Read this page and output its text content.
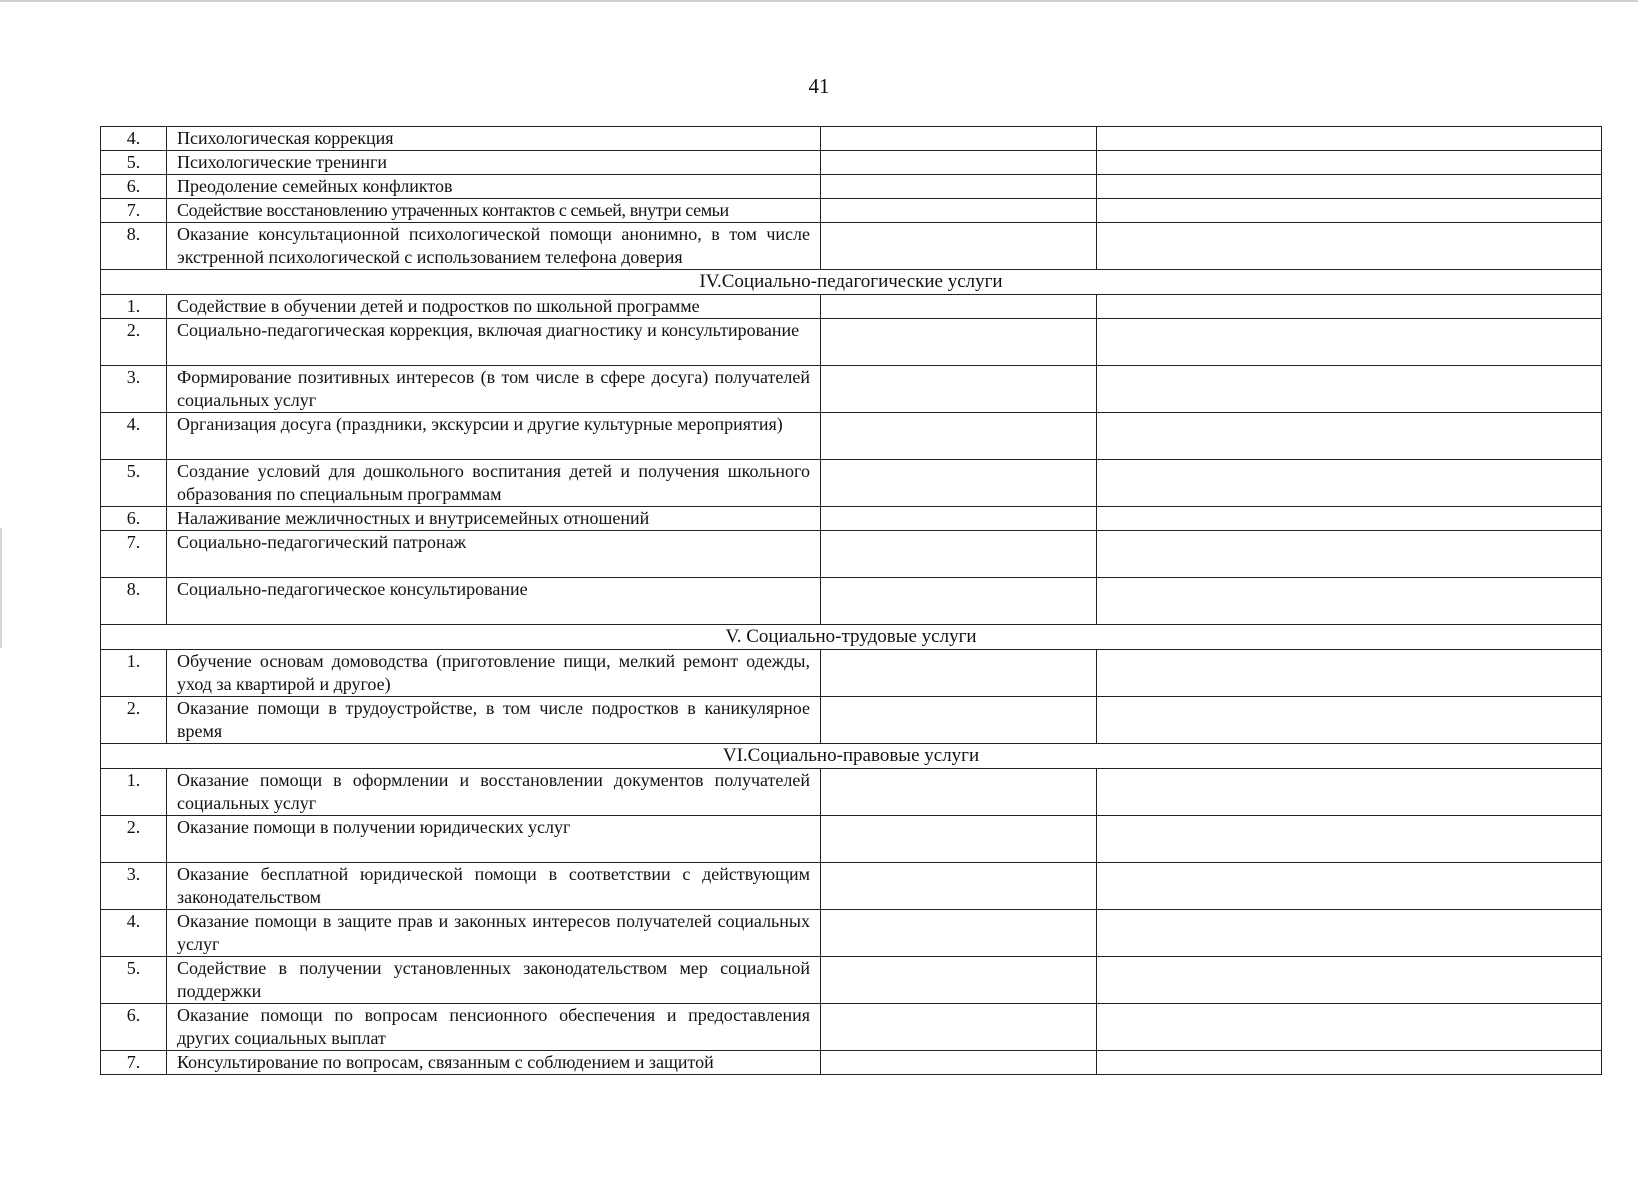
41
4.	Психологическая коррекция		
5.	Психологические тренинги		
6.	Преодоление семейных конфликтов		
7.	Содействие восстановлению утраченных контактов с семьей, внутри семьи		
8.	Оказание консультационной психологической помощи анонимно, в том числе экстренной психологической с использованием телефона доверия		
IV.Социально-педагогические услуги			
1.	Содействие в обучении детей и подростков по школьной программе		
2.	Социально-педагогическая коррекция, включая диагностику и консультирование		
3.	Формирование позитивных интересов (в том числе в сфере досуга) получателей социальных услуг		
4.	Организация досуга (праздники, экскурсии и другие культурные мероприятия)		
5.	Создание условий для дошкольного воспитания детей и получения школьного образования по специальным программам		
6.	Налаживание межличностных и внутрисемейных отношений		
7.	Социально-педагогический патронаж		
8.	Социально-педагогическое консультирование		
V. Социально-трудовые услуги			
1.	Обучение основам домоводства (приготовление пищи, мелкий ремонт одежды, уход за квартирой и другое)		
2.	Оказание помощи в трудоустройстве, в том числе подростков в каникулярное время		
VI.Социально-правовые услуги			
1.	Оказание помощи в оформлении и восстановлении документов получателей социальных услуг		
2.	Оказание помощи в получении юридических услуг		
3.	Оказание бесплатной юридической помощи в соответствии с действующим законодательством		
4.	Оказание помощи в защите прав и законных интересов получателей социальных услуг		
5.	Содействие в получении установленных законодательством мер социальной поддержки		
6.	Оказание помощи по вопросам пенсионного обеспечения и предоставления других социальных выплат		
7.	Консультирование по вопросам, связанным с соблюдением и защитой		
